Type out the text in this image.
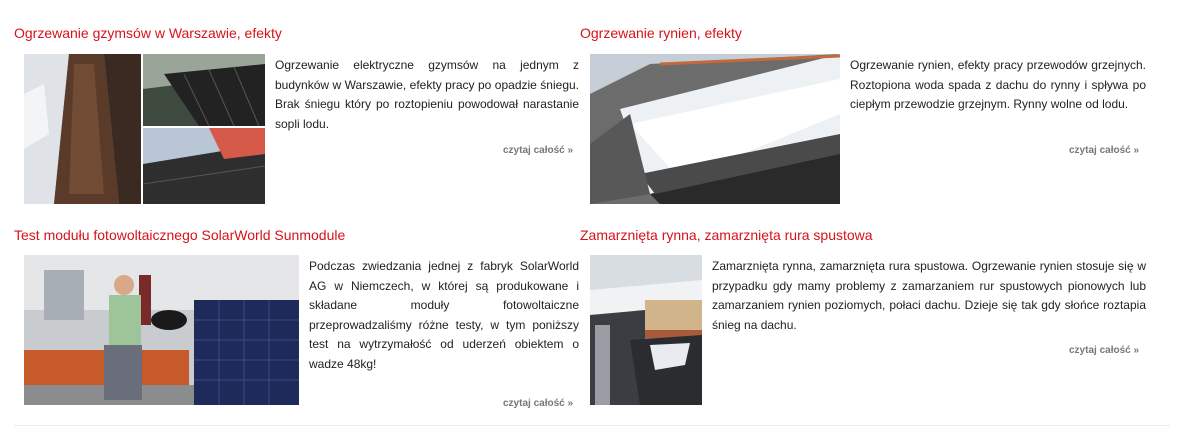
Ogrzewanie gzymsów w Warszawie, efekty

Ogrzewanie elektryczne gzymsów na jednym z budynków w Warszawie, efekty pracy po opadzie śniegu. Brak śniegu który po roztopieniu powodował narastanie sopli lodu.

czytaj całość »
Ogrzewanie rynien, efekty

Ogrzewanie rynien, efekty pracy przewodów grzejnych. Roztopiona woda spada z dachu do rynny i spływa po ciepłym przewodzie grzejnym. Rynny wolne od lodu.

czytaj całość »
Test modułu fotowoltaicznego SolarWorld Sunmodule

Podczas zwiedzania jednej z fabryk SolarWorld AG w Niemczech, w której są produkowane i składane moduły fotowoltaiczne przeprowadzaliśmy różne testy, w tym poniższy test na wytrzymałość od uderzeń obiektem o wadze 48kg!

czytaj całość »
Zamarznięta rynna, zamarznięta rura spustowa

Zamarznięta rynna, zamarznięta rura spustowa. Ogrzewanie rynien stosuje się w przypadku gdy mamy problemy z zamarzaniem rur spustowych pionowych lub zamarzaniem rynien poziomych, połaci dachu. Dzieje się tak gdy słońce roztapia śnieg na dachu.

czytaj całość »
